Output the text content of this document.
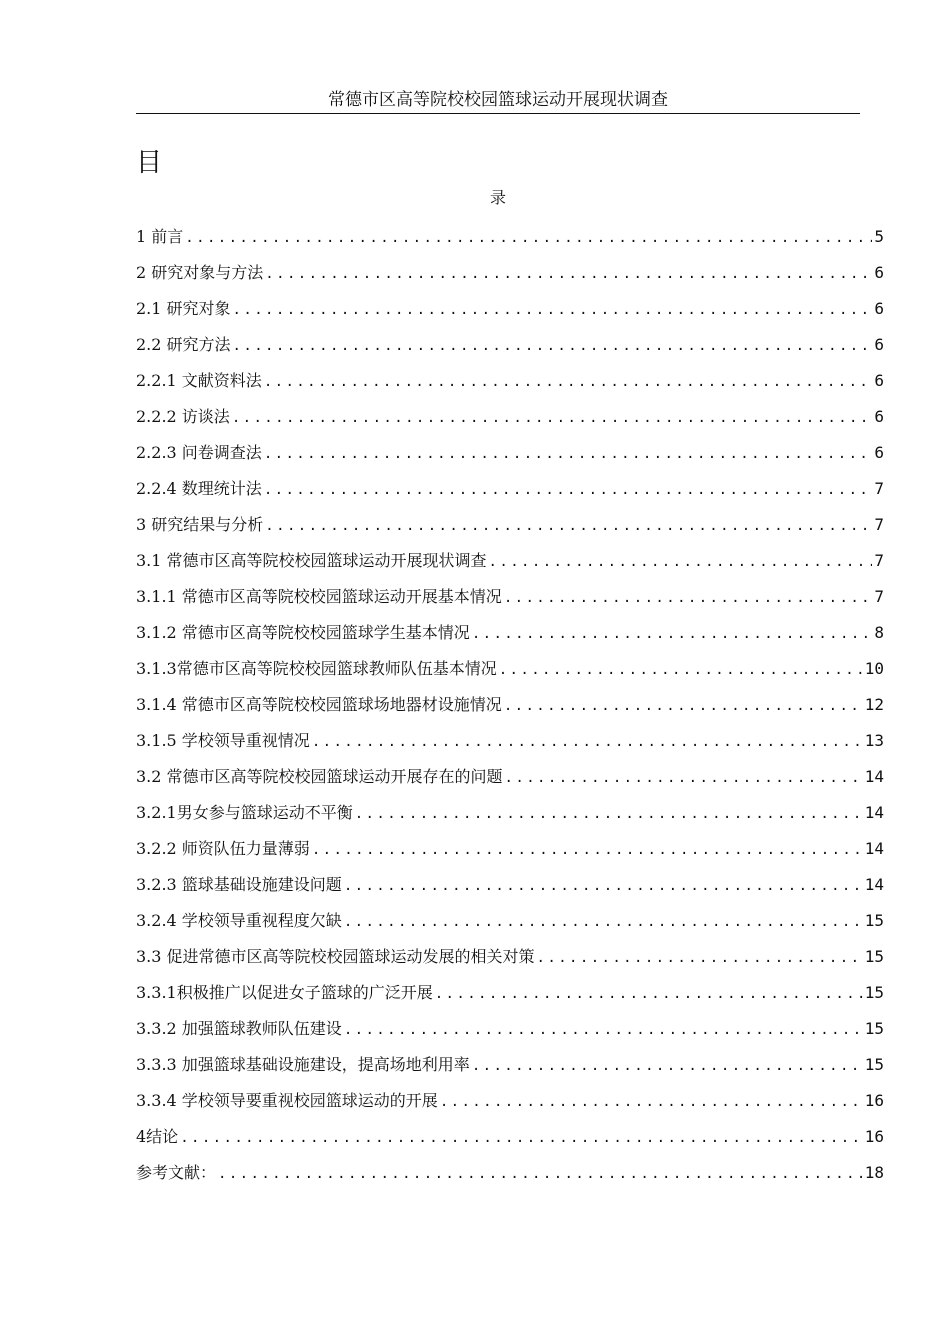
常德市区高等院校校园篮球运动开展现状调查
目
录
1 前言 .....	5
2 研究对象与方法 .....	6
2.1 研究对象 .....	6
2.2 研究方法 .....	6
2.2.1 文献资料法 .....	6
2.2.2 访谈法 .....	6
2.2.3 问卷调查法 .....	6
2.2.4 数理统计法 .....	7
3 研究结果与分析 .....	7
3.1 常德市区高等院校校园篮球运动开展现状调查 .....	7
3.1.1 常德市区高等院校校园篮球运动开展基本情况 .....	7
3.1.2 常德市区高等院校校园篮球学生基本情况 .....	8
3.1.3常德市区高等院校校园篮球教师队伍基本情况 .....	10
3.1.4 常德市区高等院校校园篮球场地器材设施情况 .....	12
3.1.5 学校领导重视情况 .....	13
3.2 常德市区高等院校校园篮球运动开展存在的问题 .....	14
3.2.1男女参与篮球运动不平衡 .....	14
3.2.2 师资队伍力量薄弱 .....	14
3.2.3 篮球基础设施建设问题 .....	14
3.2.4 学校领导重视程度欠缺 .....	15
3.3 促进常德市区高等院校校园篮球运动发展的相关对策 .....	15
3.3.1积极推广以促进女子篮球的广泛开展 .....	15
3.3.2 加强篮球教师队伍建设 .....	15
3.3.3 加强篮球基础设施建设，提高场地利用率 .....	15
3.3.4 学校领导要重视校园篮球运动的开展 .....	16
4结论 .....	16
参考文献： .....	18
